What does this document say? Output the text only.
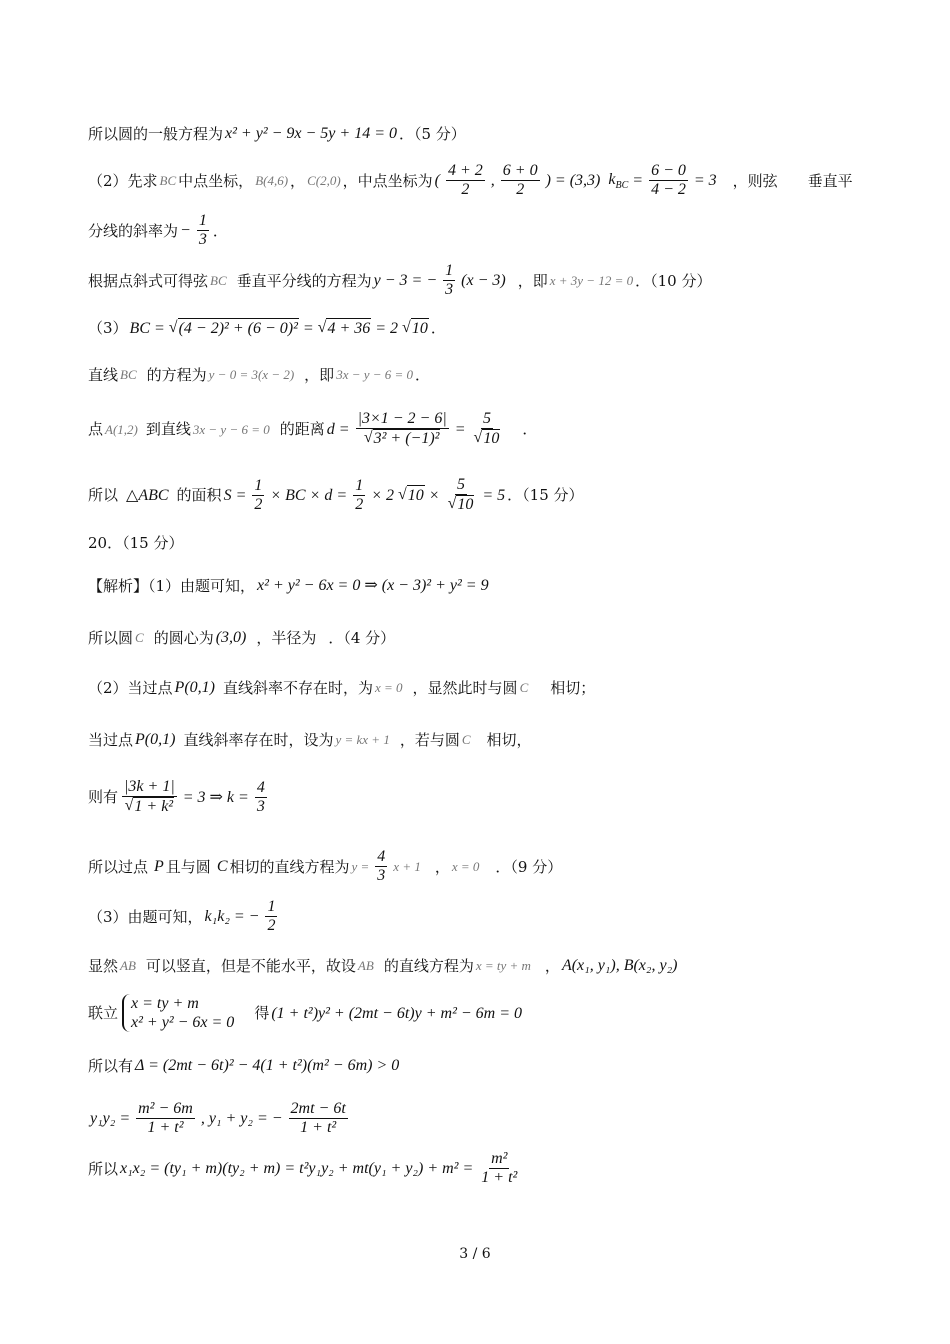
所以圆的一般方程为 x² + y² − 9x − 5y + 14 = 0 ．（5 分）
（2）先求 BC 中点坐标， B(4,6) ， C(2,0) ，中点坐标为 ( $\frac{4 + 2}{2}$ , $\frac{6 + 0}{2}$ ) = (3,3) $k_{BC} = \frac{6 - 0}{4 - 2} = 3$ ，则弦 垂直平
分线的斜率为 − $\frac{1}{3}$ ．
根据点斜式可得弦 BC 垂直平分线的方程为 y − 3 = − $\frac{1}{3} (x - 3)$ ，即 x + 3y − 12 = 0 ．（10 分）
（3） BC = √ (4 − 2)² + (6 − 0)² = √ 4 + 36 = 2 √ 10 ．
直线 BC 的方程为 y − 0 = 3(x − 2) ，即 3x − y − 6 = 0 ．
点 A(1,2) 到直线 3x − y − 6 = 0 的距离 $d = \frac{|3\times 1 - 2 - 6|}{\text{√ 3² + (−1)²}} = \frac{5}{√ 10}$ ．
所以 △ABC 的面积 $S = \frac{1}{2}$ × BC × $d = \frac{1}{2} \times 2$ √ $10 \times \frac{5}{√ 10} = 5$ ．（15 分）
20．（15 分）
【解析】（1）由题可知， x² + y² − 6x = 0 ⇒ (x − 3)² + y² = 9
所以圆 C 的圆心为 (3,0) ，半径为 ．（4 分）
（2）当过点 P(0,1) 直线斜率不存在时，为 x = 0 ，显然此时与圆 C 相切；
当过点 P(0,1) 直线斜率存在时，设为 y = kx + 1 ，若与圆 C 相切，
则有 $\frac{|3k + 1|}{\text{√ 1 + k²}} = 3$ ⇒ $k = \frac{4}{3}$
所以过点 P 且与圆 C 相切的直线方程为 $y = \frac{4}{3}$ x + 1 ， x = 0 ．（9 分）
（3）由题可知， k₁k₂ = − $\frac{1}{2}$
显然 AB 可以竖直，但是不能水平，故设 AB 的直线方程为 x = ty + m ， A(x₁, y₁), B(x₂, y₂)
联立
x = ty + m
x² + y² − 6x = 0
得 (1 + t²)y² + (2mt − 6t)y + m² − 6m = 0
所以有 Δ = (2mt − 6t)² − 4(1 + t²)(m² − 6m) > 0
$y_1y_2 = \frac{\text{m² − 6m}}{\text{1 + t²}}$ , y₁ + y₂ = − $\frac{2mt - 6t}{\text{1 + t²}}$
所以 $x_1x_2 = (ty_1 + m)(ty_2 + m) = t^2y_1y_2 + mt(y_1 + y_2) + m^2 = \frac{\text{m²}}{\text{1 + t²}}$
3 / 6
